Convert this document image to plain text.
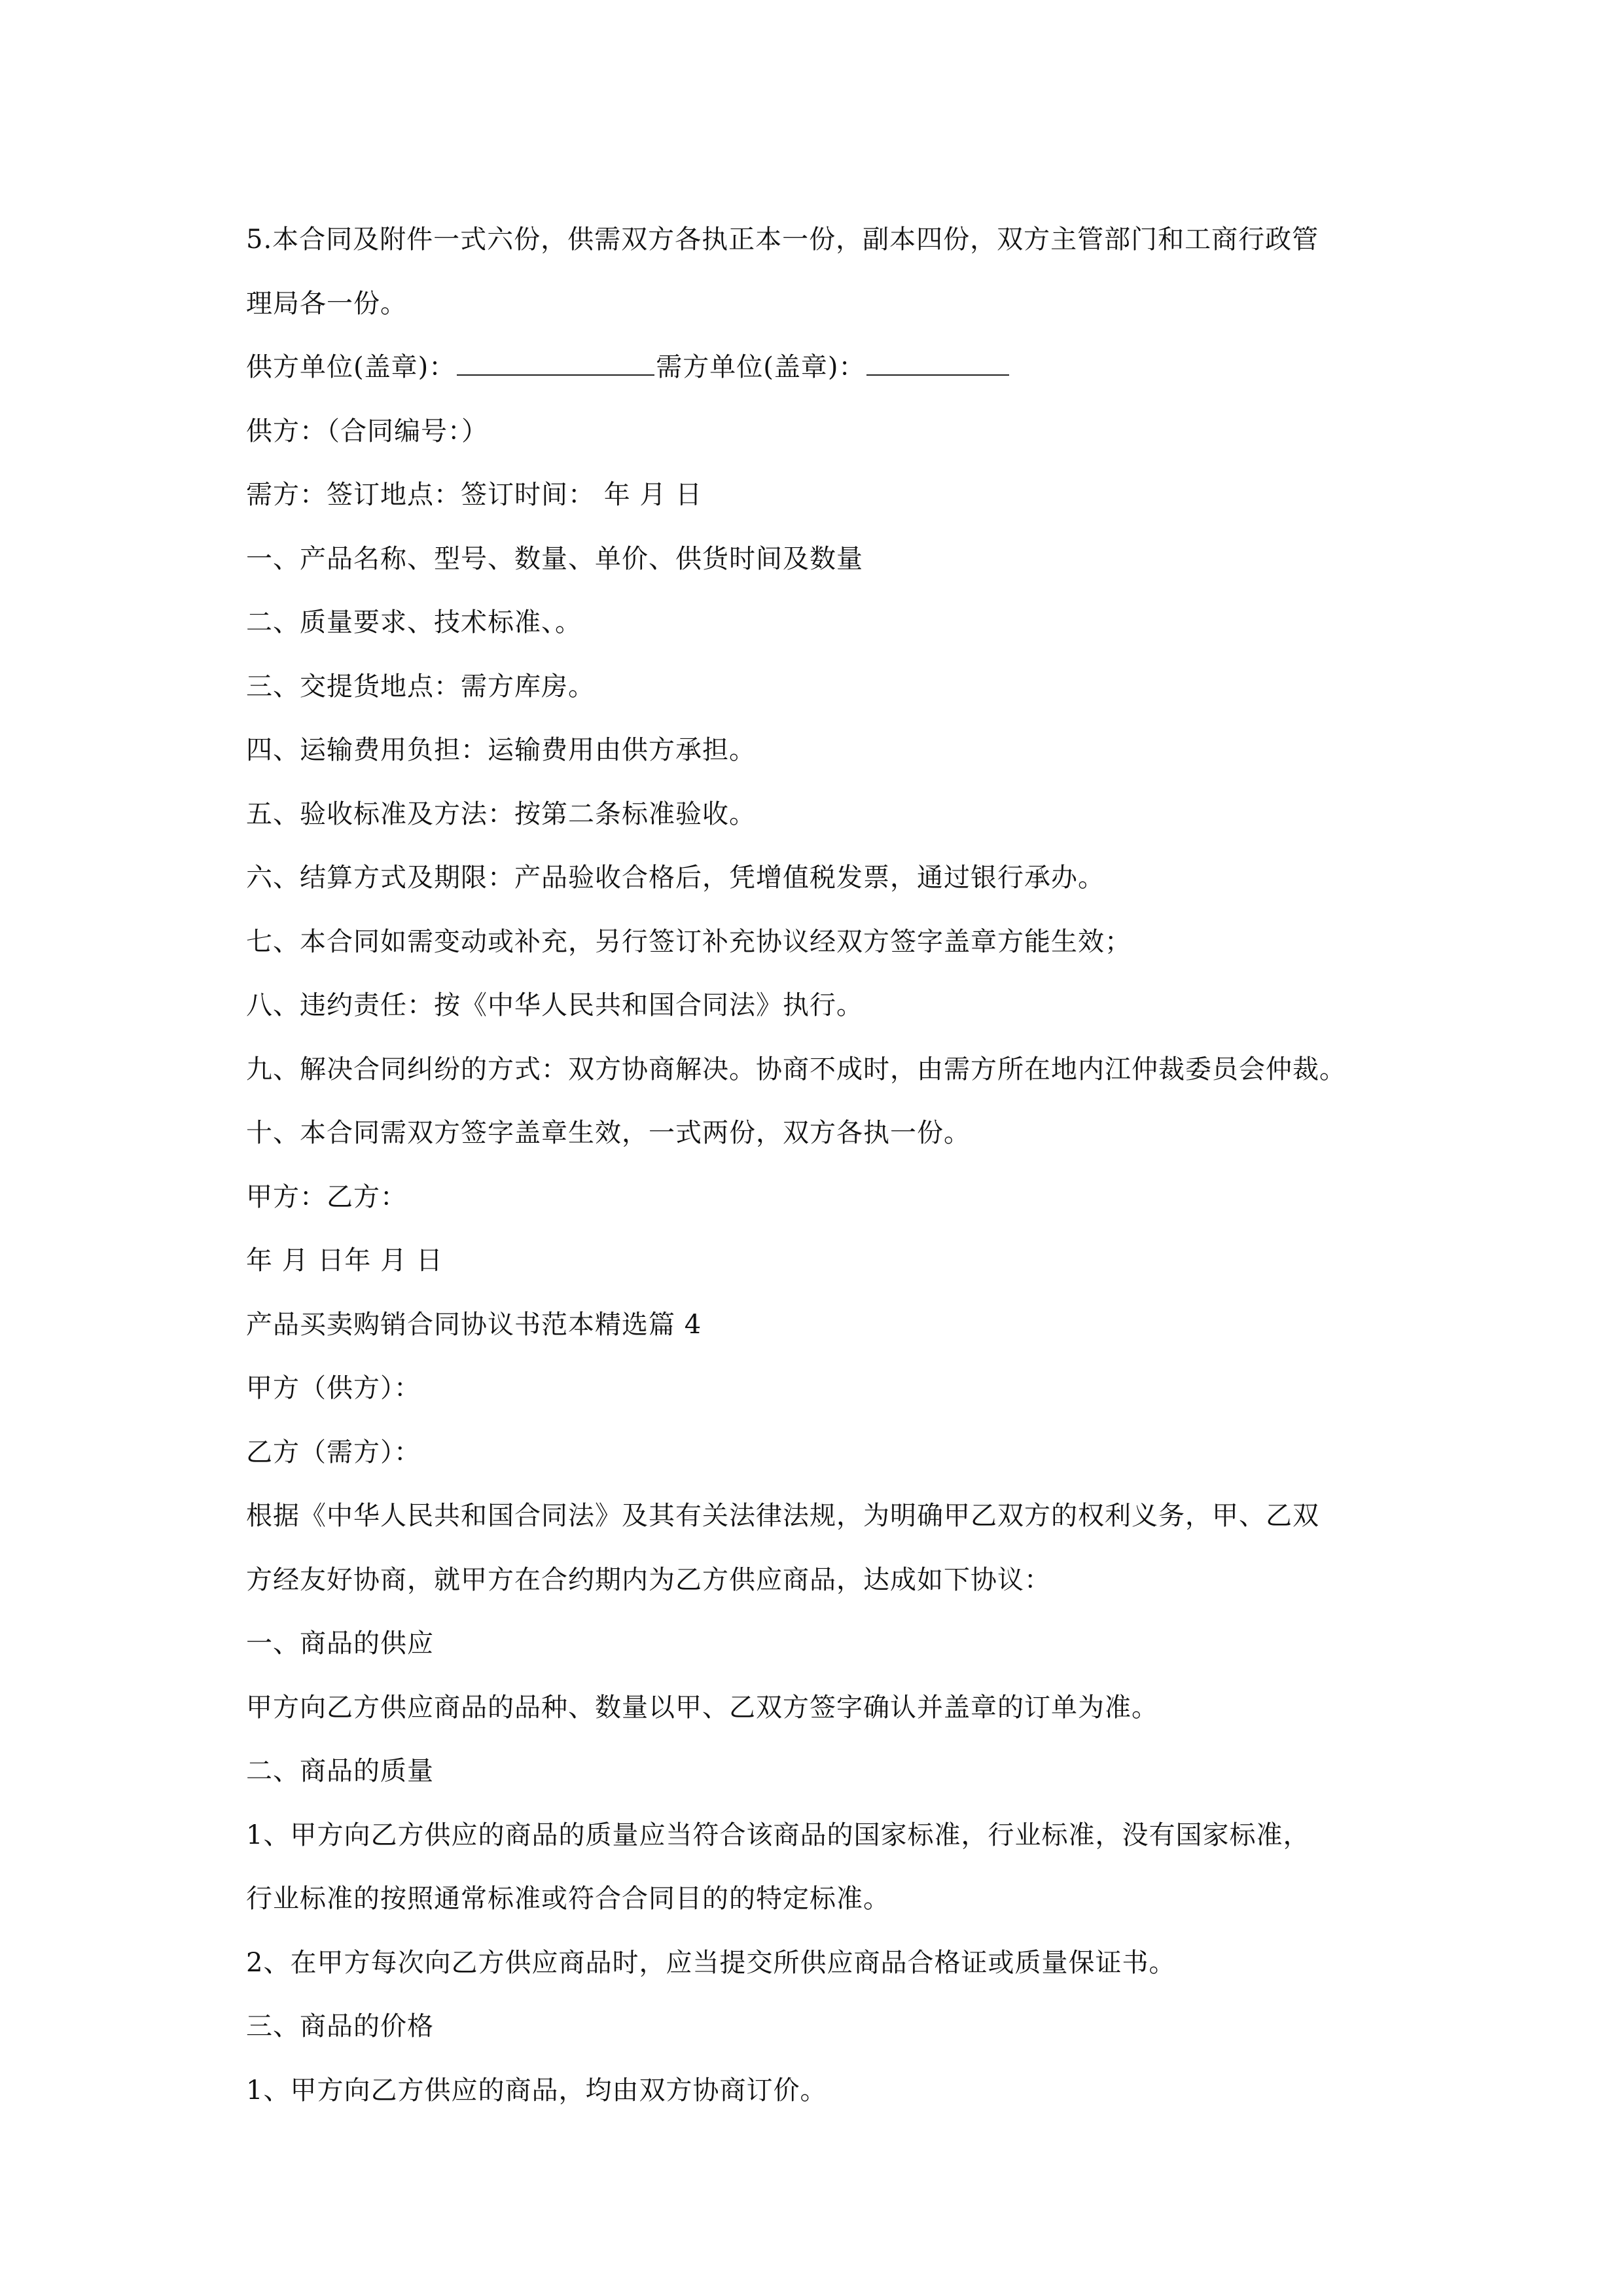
5.本合同及附件一式六份，供需双方各执正本一份，副本四份，双方主管部门和工商行政管
理局各一份。
供方单位(盖章)：	需方单位(盖章)：
供方：（合同编号：）
需方：签订地点：签订时间： 年 月 日
一、产品名称、型号、数量、单价、供货时间及数量
二、质量要求、技术标准、。
三、交提货地点：需方库房。
四、运输费用负担：运输费用由供方承担。
五、验收标准及方法：按第二条标准验收。
六、结算方式及期限：产品验收合格后，凭增值税发票，通过银行承办。
七、本合同如需变动或补充，另行签订补充协议经双方签字盖章方能生效；
八、违约责任：按《中华人民共和国合同法》执行。
九、解决合同纠纷的方式：双方协商解决。协商不成时，由需方所在地内江仲裁委员会仲裁。
十、本合同需双方签字盖章生效，一式两份，双方各执一份。
甲方：乙方：
年 月 日年 月 日
产品买卖购销合同协议书范本精选篇 4
甲方（供方）：
乙方（需方）：
根据《中华人民共和国合同法》及其有关法律法规，为明确甲乙双方的权利义务，甲、乙双
方经友好协商，就甲方在合约期内为乙方供应商品，达成如下协议：
一、商品的供应
甲方向乙方供应商品的品种、数量以甲、乙双方签字确认并盖章的订单为准。
二、商品的质量
1、甲方向乙方供应的商品的质量应当符合该商品的国家标准，行业标准，没有国家标准，
行业标准的按照通常标准或符合合同目的的特定标准。
2、在甲方每次向乙方供应商品时，应当提交所供应商品合格证或质量保证书。
三、商品的价格
1、甲方向乙方供应的商品，均由双方协商订价。
